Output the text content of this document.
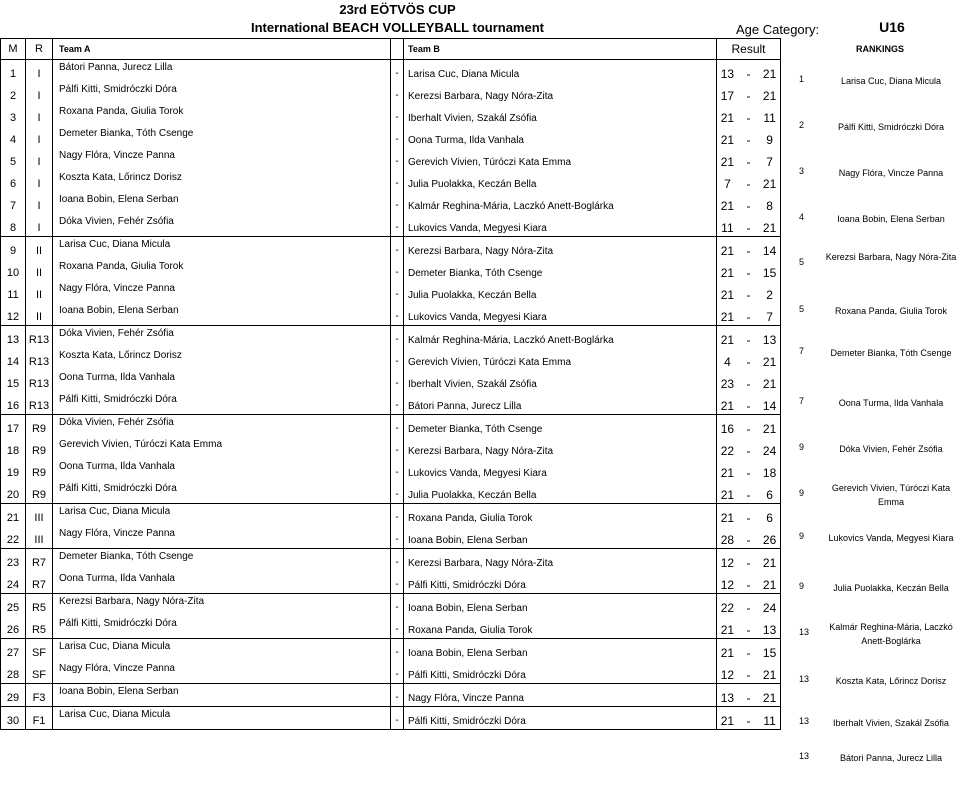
23rd EÖTVÖS CUP
International BEACH VOLLEYBALL tournament	Age Category:	U16
M	R	Team A		Team B	Result		
1	I	Bátori Panna, Jurecz Lilla	-	Larisa Cuc, Diana Micula	13	-	21
2	I	Pálfi Kitti, Smidróczki Dóra	-	Kerezsi Barbara, Nagy Nóra-Zita	17	-	21
3	I	Roxana Panda, Giulia Torok	-	Iberhalt Vivien, Szakál Zsófia	21	-	11
4	I	Demeter Bianka, Tóth Csenge	-	Oona Turma, Ilda Vanhala	21	-	9
5	I	Nagy Flóra, Vincze Panna	-	Gerevich Vivien, Túróczi Kata Emma	21	-	7
6	I	Koszta Kata, Lőrincz Dorisz	-	Julia Puolakka, Keczán Bella	7	-	21
7	I	Ioana Bobin, Elena Serban	-	Kalmár Reghina-Mária, Laczkó Anett-Boglárka	21	-	8
8	I	Dóka Vivien, Fehér Zsófia	-	Lukovics Vanda, Megyesi Kiara	11	-	21
9	II	Larisa Cuc, Diana Micula	-	Kerezsi Barbara, Nagy Nóra-Zita	21	-	14
10	II	Roxana Panda, Giulia Torok	-	Demeter Bianka, Tóth Csenge	21	-	15
11	II	Nagy Flóra, Vincze Panna	-	Julia Puolakka, Keczán Bella	21	-	2
12	II	Ioana Bobin, Elena Serban	-	Lukovics Vanda, Megyesi Kiara	21	-	7
13	R13	Dóka Vivien, Fehér Zsófia	-	Kalmár Reghina-Mária, Laczkó Anett-Boglárka	21	-	13
14	R13	Koszta Kata, Lőrincz Dorisz	-	Gerevich Vivien, Túróczi Kata Emma	4	-	21
15	R13	Oona Turma, Ilda Vanhala	-	Iberhalt Vivien, Szakál Zsófia	23	-	21
16	R13	Pálfi Kitti, Smidróczki Dóra	-	Bátori Panna, Jurecz Lilla	21	-	14
17	R9	Dóka Vivien, Fehér Zsófia	-	Demeter Bianka, Tóth Csenge	16	-	21
18	R9	Gerevich Vivien, Túróczi Kata Emma	-	Kerezsi Barbara, Nagy Nóra-Zita	22	-	24
19	R9	Oona Turma, Ilda Vanhala	-	Lukovics Vanda, Megyesi Kiara	21	-	18
20	R9	Pálfi Kitti, Smidróczki Dóra	-	Julia Puolakka, Keczán Bella	21	-	6
21	III	Larisa Cuc, Diana Micula	-	Roxana Panda, Giulia Torok	21	-	6
22	III	Nagy Flóra, Vincze Panna	-	Ioana Bobin, Elena Serban	28	-	26
23	R7	Demeter Bianka, Tóth Csenge	-	Kerezsi Barbara, Nagy Nóra-Zita	12	-	21
24	R7	Oona Turma, Ilda Vanhala	-	Pálfi Kitti, Smidróczki Dóra	12	-	21
25	R5	Kerezsi Barbara, Nagy Nóra-Zita	-	Ioana Bobin, Elena Serban	22	-	24
26	R5	Pálfi Kitti, Smidróczki Dóra	-	Roxana Panda, Giulia Torok	21	-	13
27	SF	Larisa Cuc, Diana Micula	-	Ioana Bobin, Elena Serban	21	-	15
28	SF	Nagy Flóra, Vincze Panna	-	Pálfi Kitti, Smidróczki Dóra	12	-	21
29	F3	Ioana Bobin, Elena Serban	-	Nagy Flóra, Vincze Panna	13	-	21
30	F1	Larisa Cuc, Diana Micula	-	Pálfi Kitti, Smidróczki Dóra	21	-	11
RANKINGS
1	Larisa Cuc, Diana Micula
2	Pálfi Kitti, Smidróczki Dóra
3	Nagy Flóra, Vincze Panna
4	Ioana Bobin, Elena Serban
5	Kerezsi Barbara, Nagy Nóra-Zita
5	Roxana Panda, Giulia Torok
7	Demeter Bianka, Tóth Csenge
7	Oona Turma, Ilda Vanhala
9	Dóka Vivien, Fehér Zsófia
9	Gerevich Vivien, Túróczi Kata Emma
9	Lukovics Vanda, Megyesi Kiara
9	Julia Puolakka, Keczán Bella
13	Kalmár Reghina-Mária, Laczkó Anett-Boglárka
13	Koszta Kata, Lőrincz Dorisz
13	Iberhalt Vivien, Szakál Zsófia
13	Bátori Panna, Jurecz Lilla
